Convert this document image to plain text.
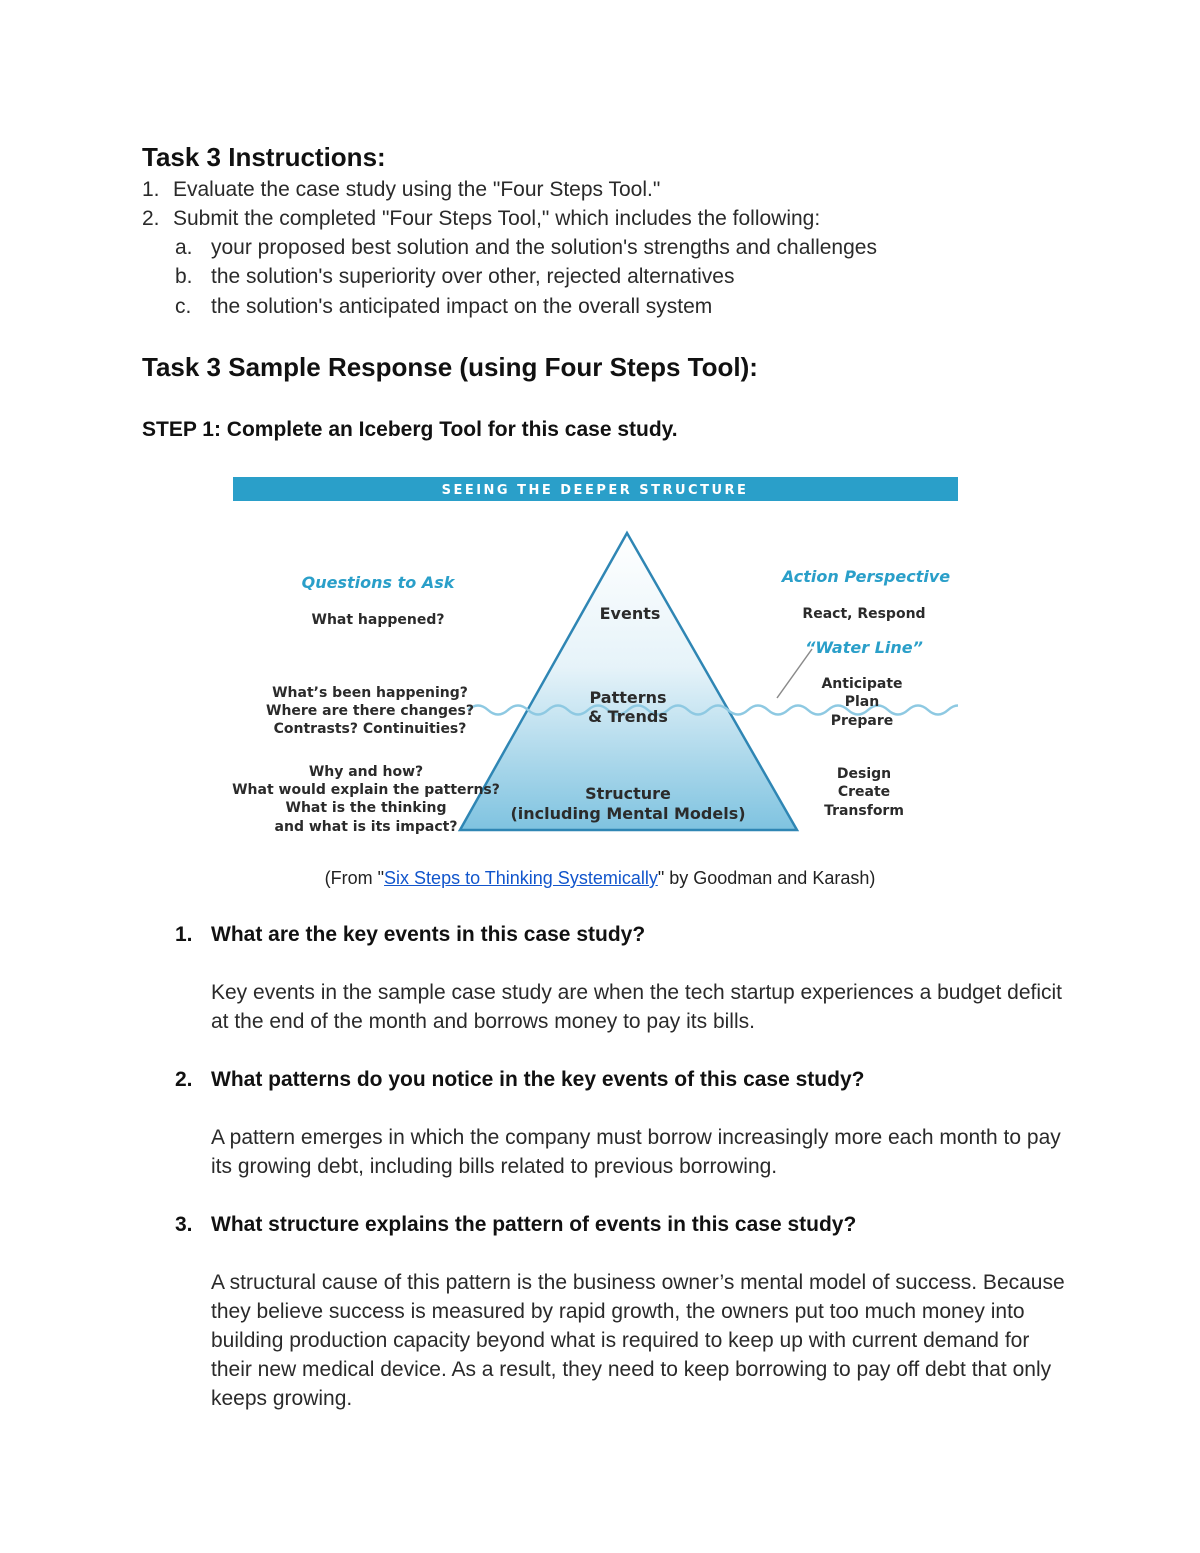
Task 3 Instructions:
1. Evaluate the case study using the "Four Steps Tool."
2. Submit the completed "Four Steps Tool," which includes the following:
a. your proposed best solution and the solution's strengths and challenges
b. the solution's superiority over other, rejected alternatives
c. the solution's anticipated impact on the overall system
Task 3 Sample Response (using Four Steps Tool):
STEP 1: Complete an Iceberg Tool for this case study.
SEEING THE DEEPER STRUCTURE
Questions to Ask	Action Perspective
“Water Line”
What happened?
What’s been happening?
Where are there changes?
Contrasts? Continuities?
Why and how?
What would explain the patterns?
What is the thinking
and what is its impact?
Events
Patterns
& Trends
Structure
(including Mental Models)
React, Respond
Anticipate
Plan
Prepare
Design
Create
Transform
(From "Six Steps to Thinking Systemically" by Goodman and Karash)
1. What are the key events in this case study?
Key events in the sample case study are when the tech startup experiences a budget deficit at the end of the month and borrows money to pay its bills.
2. What patterns do you notice in the key events of this case study?
A pattern emerges in which the company must borrow increasingly more each month to pay its growing debt, including bills related to previous borrowing.
3. What structure explains the pattern of events in this case study?
A structural cause of this pattern is the business owner’s mental model of success. Because they believe success is measured by rapid growth, the owners put too much money into building production capacity beyond what is required to keep up with current demand for their new medical device. As a result, they need to keep borrowing to pay off debt that only keeps growing.
